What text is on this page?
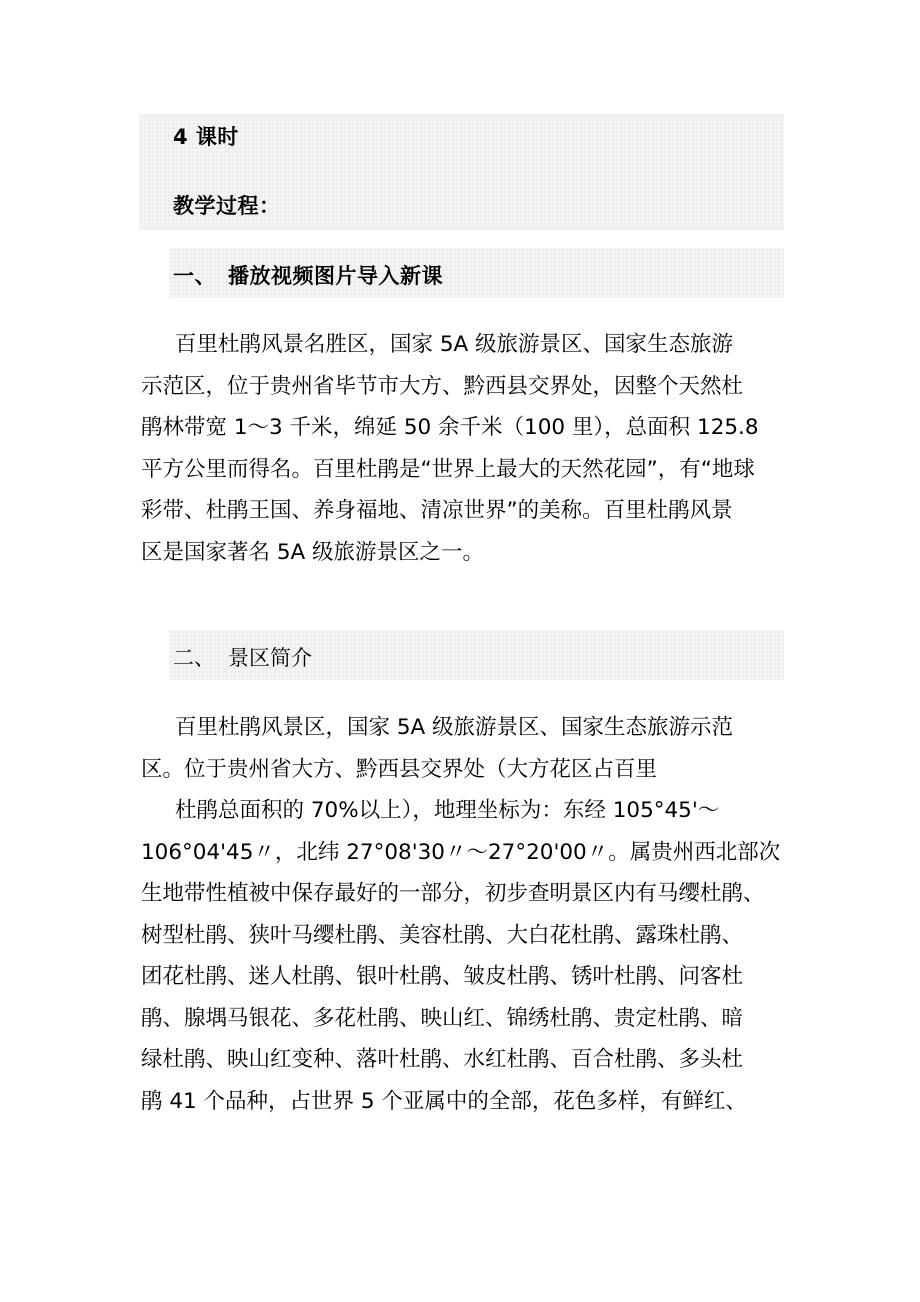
4 课时
教学过程：
一、 播放视频图片导入新课
百里杜鹃风景名胜区，国家 5A 级旅游景区、国家生态旅游
示范区，位于贵州省毕节市大方、黔西县交界处，因整个天然杜
鹃林带宽 1～3 千米，绵延 50 余千米（100 里），总面积 125.8
平方公里而得名。百里杜鹃是“世界上最大的天然花园”，有“地球
彩带、杜鹃王国、养身福地、清凉世界”的美称。百里杜鹃风景
区是国家著名 5A 级旅游景区之一。
二、 景区简介
百里杜鹃风景区，国家 5A 级旅游景区、国家生态旅游示范
区。位于贵州省大方、黔西县交界处（大方花区占百里
杜鹃总面积的 70%以上），地理坐标为：东经 105°45'～
106°04'45〃，北纬 27°08'30〃～27°20'00〃。属贵州西北部次
生地带性植被中保存最好的一部分，初步查明景区内有马缨杜鹃、
树型杜鹃、狭叶马缨杜鹃、美容杜鹃、大白花杜鹃、露珠杜鹃、
团花杜鹃、迷人杜鹃、银叶杜鹃、皱皮杜鹃、锈叶杜鹃、问客杜
鹃、腺堣马银花、多花杜鹃、映山红、锦绣杜鹃、贵定杜鹃、暗
绿杜鹃、映山红变种、落叶杜鹃、水红杜鹃、百合杜鹃、多头杜
鹃 41 个品种，占世界 5 个亚属中的全部，花色多样，有鲜红、
